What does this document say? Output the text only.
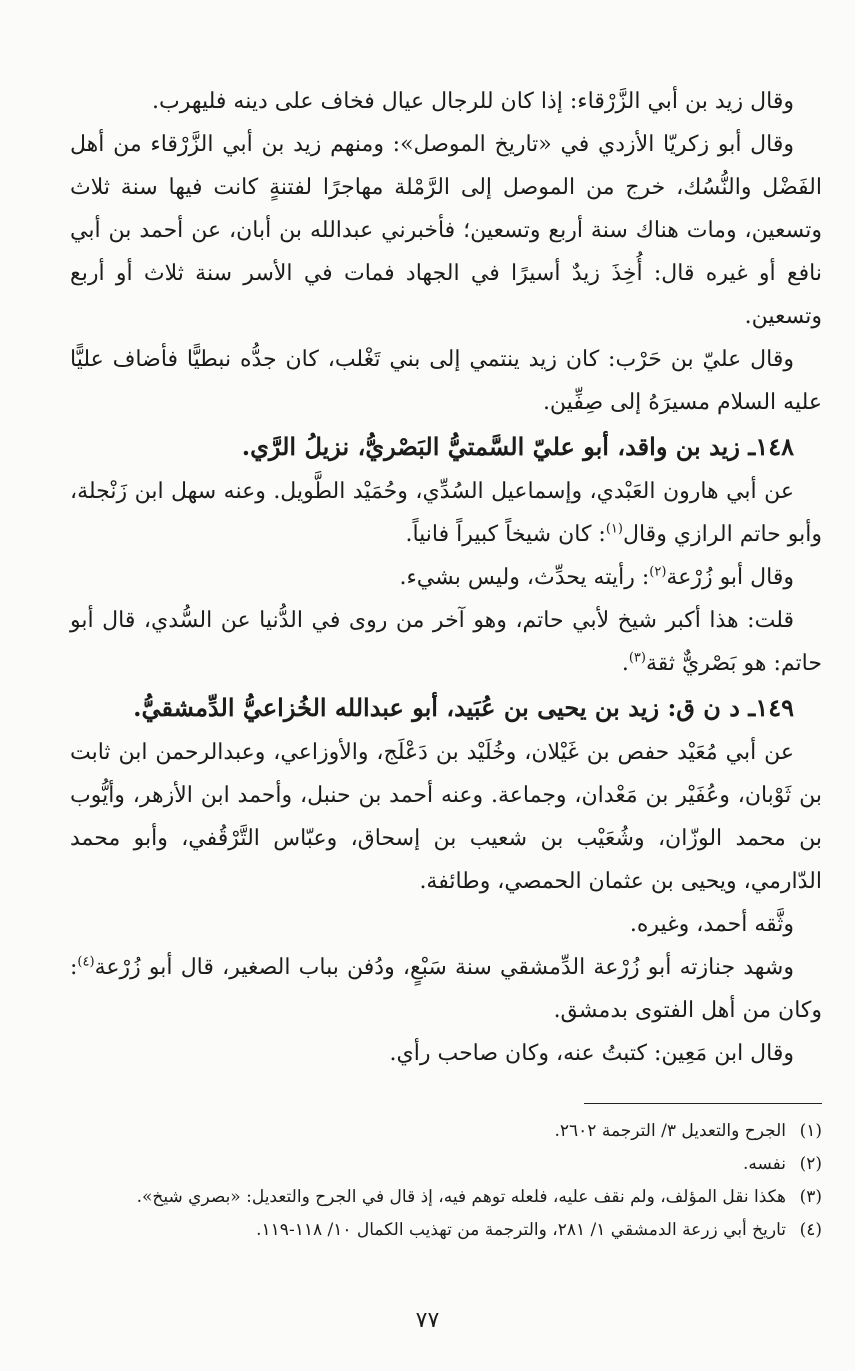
وقال زيد بن أبي الزَّرْقاء: إذا كان للرجال عيال فخاف على دينه فليهرب.

وقال أبو زكريّا الأزدي في «تاريخ الموصل»: ومنهم زيد بن أبي الزَّرْقاء من أهل الفَضْل والنُّسُك، خرج من الموصل إلى الرَّمْلة مهاجرًا لفتنةٍ كانت فيها سنة ثلاث وتسعين، ومات هناك سنة أربع وتسعين؛ فأخبرني عبدالله بن أبان، عن أحمد بن أبي نافع أو غيره قال: أُخِذَ زيدٌ أسيرًا في الجهاد فمات في الأسر سنة ثلاث أو أربع وتسعين.

وقال عليّ بن حَرْب: كان زيد ينتمي إلى بني تَغْلب، كان جدُّه نبطيًّا فأضاف عليًّا عليه السلام مسيرَهُ إلى صِفِّين.

١٤٨ـ زيد بن واقد، أبو عليّ السَّمتيُّ البَصْريُّ، نزيلُ الرَّي.

عن أبي هارون العَبْدي، وإسماعيل السُدِّي، وحُمَيْد الطَّويل. وعنه سهل ابن زَنْجلة، وأبو حاتم الرازي وقال$^{(١)}$: كان شيخاً كبيراً فانياً.

وقال أبو زُرْعة$^{(٢)}$: رأيته يحدِّث، وليس بشيء.

قلت: هذا أكبر شيخ لأبي حاتم، وهو آخر من روى في الدُّنيا عن السُّدي، قال أبو حاتم: هو بَصْريٌّ ثقة$^{(٣)}$.

١٤٩ـ د ن ق: زيد بن يحيى بن عُبَيد، أبو عبدالله الخُزاعيُّ الدِّمشقيُّ.

عن أبي مُعَيْد حفص بن غَيْلان، وخُلَيْد بن دَعْلَج، والأوزاعي، وعبدالرحمن ابن ثابت بن ثَوْبان، وعُفَيْر بن مَعْدان، وجماعة. وعنه أحمد بن حنبل، وأحمد ابن الأزهر، وأيُّوب بن محمد الوزّان، وشُعَيْب بن شعيب بن إسحاق، وعبّاس التَّرْقُفي، وأبو محمد الدّارمي، ويحيى بن عثمان الحمصي، وطائفة.

وثَّقه أحمد، وغيره.

وشهد جنازته أبو زُرْعة الدِّمشقي سنة سَبْعٍ، ودُفن بباب الصغير، قال أبو زُرْعة$^{(٤)}$: وكان من أهل الفتوى بدمشق.

وقال ابن مَعِين: كتبتُ عنه، وكان صاحب رأي.

(١)
الجرح والتعديل ٣/ الترجمة ٢٦٠٢.
(٢)
نفسه.
(٣)
هكذا نقل المؤلف، ولم نقف عليه، فلعله توهم فيه، إذ قال في الجرح والتعديل: «بصري شيخ».
(٤)
تاريخ أبي زرعة الدمشقي ١/ ٢٨١، والترجمة من تهذيب الكمال ١٠/ ١١٨-١١٩.
٧٧
